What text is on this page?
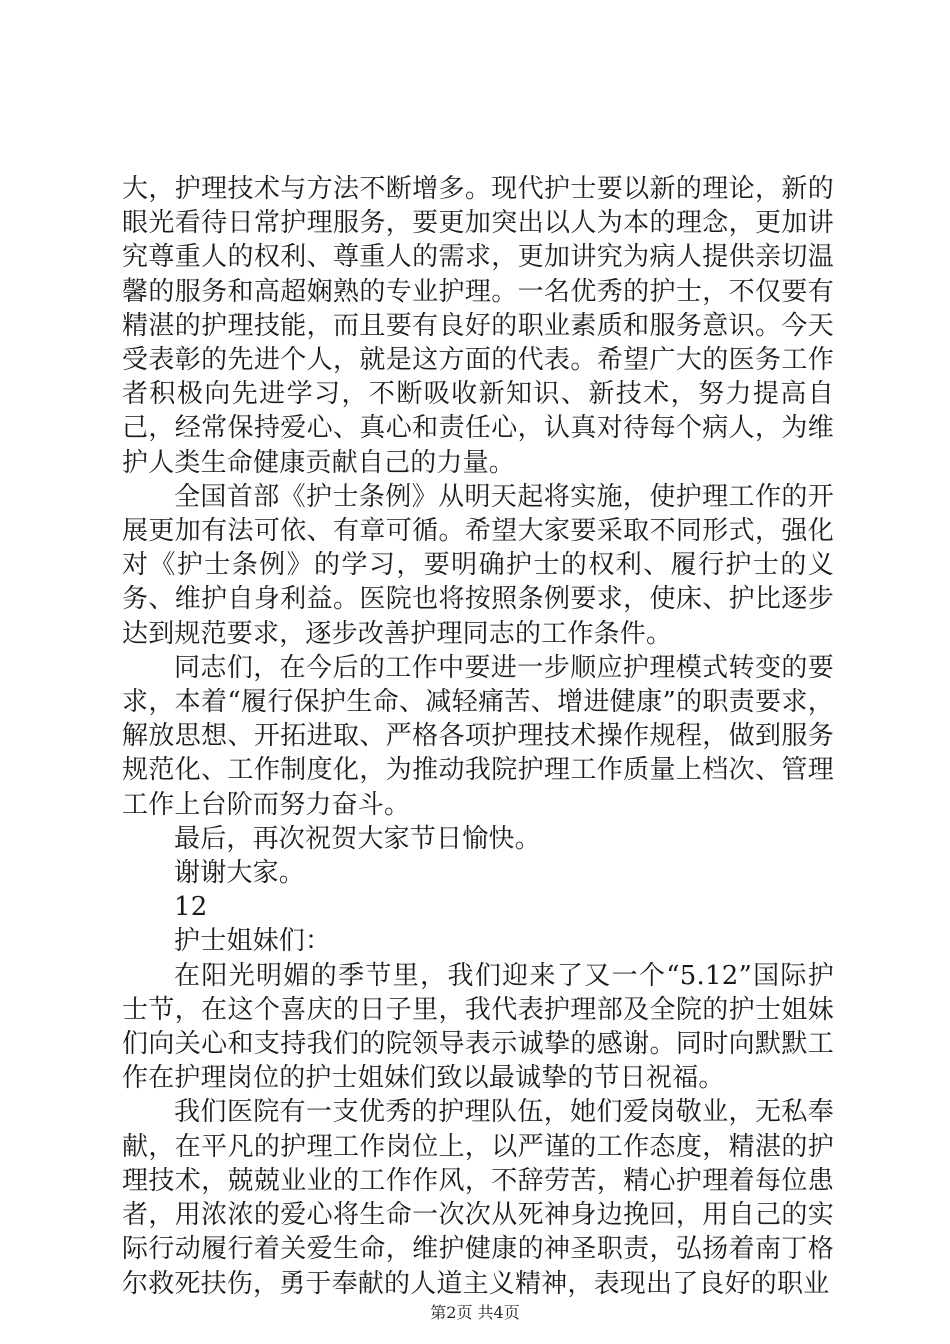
大，护理技术与方法不断增多。现代护士要以新的理论，新的眼光看待日常护理服务，要更加突出以人为本的理念，更加讲究尊重人的权利、尊重人的需求，更加讲究为病人提供亲切温馨的服务和高超娴熟的专业护理。一名优秀的护士，不仅要有精湛的护理技能，而且要有良好的职业素质和服务意识。今天受表彰的先进个人，就是这方面的代表。希望广大的医务工作者积极向先进学习，不断吸收新知识、新技术，努力提高自己，经常保持爱心、真心和责任心，认真对待每个病人，为维护人类生命健康贡献自己的力量。

全国首部《护士条例》从明天起将实施，使护理工作的开展更加有法可依、有章可循。希望大家要采取不同形式，强化对《护士条例》的学习，要明确护士的权利、履行护士的义务、维护自身利益。医院也将按照条例要求，使床、护比逐步达到规范要求，逐步改善护理同志的工作条件。

同志们，在今后的工作中要进一步顺应护理模式转变的要求，本着“履行保护生命、减轻痛苦、增进健康”的职责要求，解放思想、开拓进取、严格各项护理技术操作规程，做到服务规范化、工作制度化，为推动我院护理工作质量上档次、管理工作上台阶而努力奋斗。

最后，再次祝贺大家节日愉快。

谢谢大家。

12

护士姐妹们：

在阳光明媚的季节里，我们迎来了又一个“5.12”国际护士节，在这个喜庆的日子里，我代表护理部及全院的护士姐妹们向关心和支持我们的院领导表示诚挚的感谢。同时向默默工作在护理岗位的护士姐妹们致以最诚挚的节日祝福。

我们医院有一支优秀的护理队伍，她们爱岗敬业，无私奉献，在平凡的护理工作岗位上，以严谨的工作态度，精湛的护理技术，兢兢业业的工作作风，不辞劳苦，精心护理着每位患者，用浓浓的爱心将生命一次次从死神身边挽回，用自己的实际行动履行着关爱生命，维护健康的神圣职责，弘扬着南丁格尔救死扶伤，勇于奉献的人道主义精神，表现出了良好的职业

第2页 共4页
